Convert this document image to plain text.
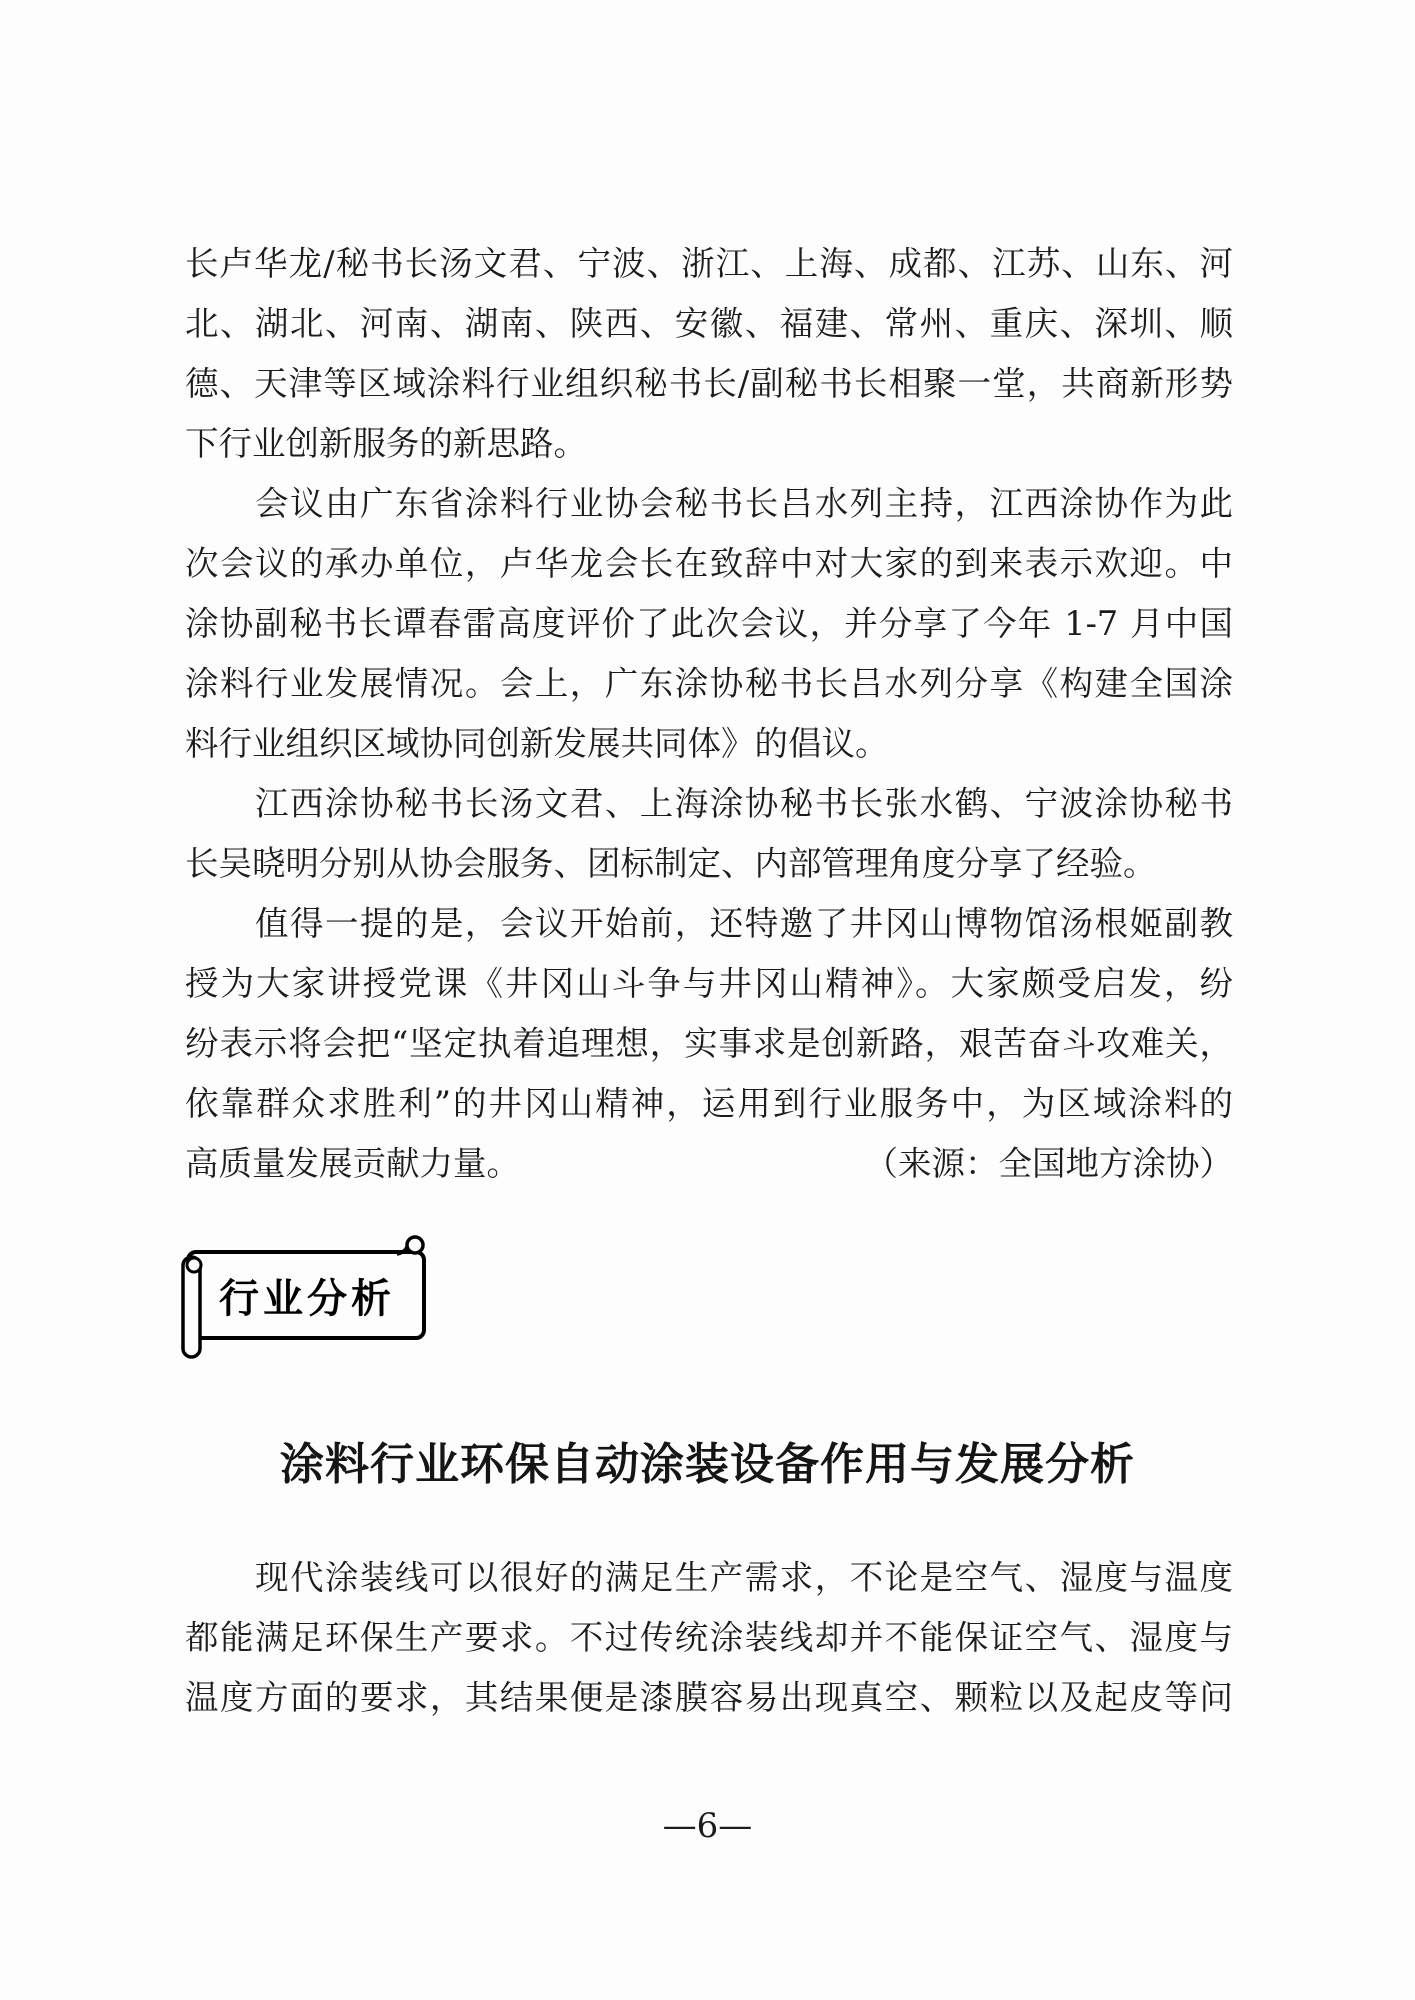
长卢华龙/秘书长汤文君、宁波、浙江、上海、成都、江苏、山东、河
北、湖北、河南、湖南、陕西、安徽、福建、常州、重庆、深圳、顺
德、天津等区域涂料行业组织秘书长/副秘书长相聚一堂，共商新形势
下行业创新服务的新思路。
会议由广东省涂料行业协会秘书长吕水列主持，江西涂协作为此
次会议的承办单位，卢华龙会长在致辞中对大家的到来表示欢迎。中
涂协副秘书长谭春雷高度评价了此次会议，并分享了今年 1-7 月中国
涂料行业发展情况。会上，广东涂协秘书长吕水列分享《构建全国涂
料行业组织区域协同创新发展共同体》的倡议。
江西涂协秘书长汤文君、上海涂协秘书长张水鹤、宁波涂协秘书
长吴晓明分别从协会服务、团标制定、内部管理角度分享了经验。
值得一提的是，会议开始前，还特邀了井冈山博物馆汤根姬副教
授为大家讲授党课《井冈山斗争与井冈山精神》。大家颇受启发，纷
纷表示将会把“坚定执着追理想，实事求是创新路，艰苦奋斗攻难关，
依靠群众求胜利”的井冈山精神，运用到行业服务中，为区域涂料的
高质量发展贡献力量。	（来源：全国地方涂协）
行业分析
涂料行业环保自动涂装设备作用与发展分析
现代涂装线可以很好的满足生产需求，不论是空气、湿度与温度
都能满足环保生产要求。不过传统涂装线却并不能保证空气、湿度与
温度方面的要求，其结果便是漆膜容易出现真空、颗粒以及起皮等问
—6—
